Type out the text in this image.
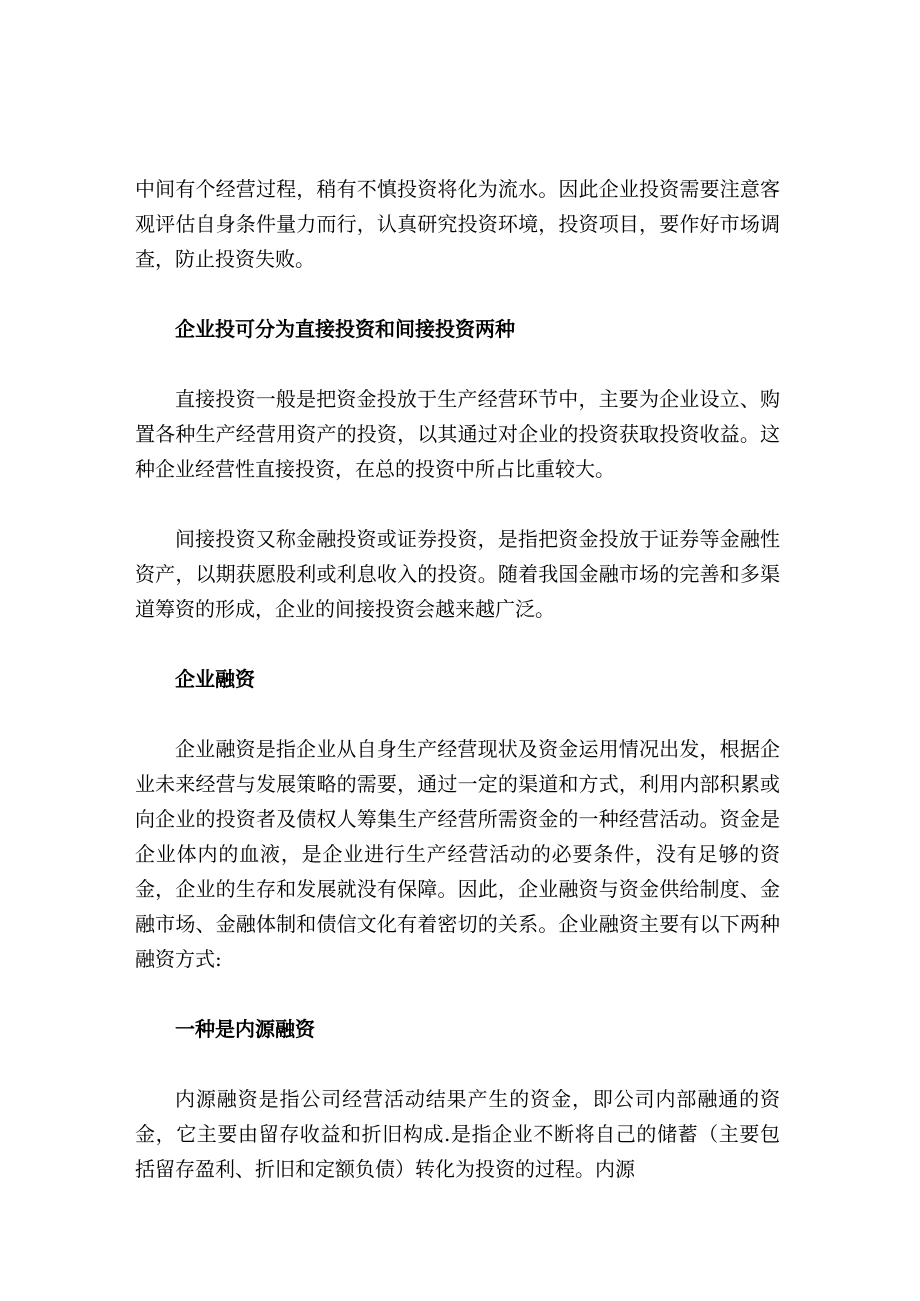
中间有个经营过程，稍有不慎投资将化为流水。因此企业投资需要注意客观评估自身条件量力而行，认真研究投资环境，投资项目，要作好市场调查，防止投资失败。

企业投可分为直接投资和间接投资两种

直接投资一般是把资金投放于生产经营环节中，主要为企业设立、购置各种生产经营用资产的投资，以其通过对企业的投资获取投资收益。这种企业经营性直接投资，在总的投资中所占比重较大。

间接投资又称金融投资或证券投资，是指把资金投放于证券等金融性资产，以期获愿股利或利息收入的投资。随着我国金融市场的完善和多渠道筹资的形成，企业的间接投资会越来越广泛。

企业融资

企业融资是指企业从自身生产经营现状及资金运用情况出发，根据企业未来经营与发展策略的需要，通过一定的渠道和方式，利用内部积累或向企业的投资者及债权人筹集生产经营所需资金的一种经营活动。资金是企业体内的血液，是企业进行生产经营活动的必要条件，没有足够的资金，企业的生存和发展就没有保障。因此，企业融资与资金供给制度、金融市场、金融体制和债信文化有着密切的关系。企业融资主要有以下两种融资方式:

一种是内源融资

内源融资是指公司经营活动结果产生的资金，即公司内部融通的资金，它主要由留存收益和折旧构成.是指企业不断将自己的储蓄（主要包括留存盈利、折旧和定额负债）转化为投资的过程。内源
